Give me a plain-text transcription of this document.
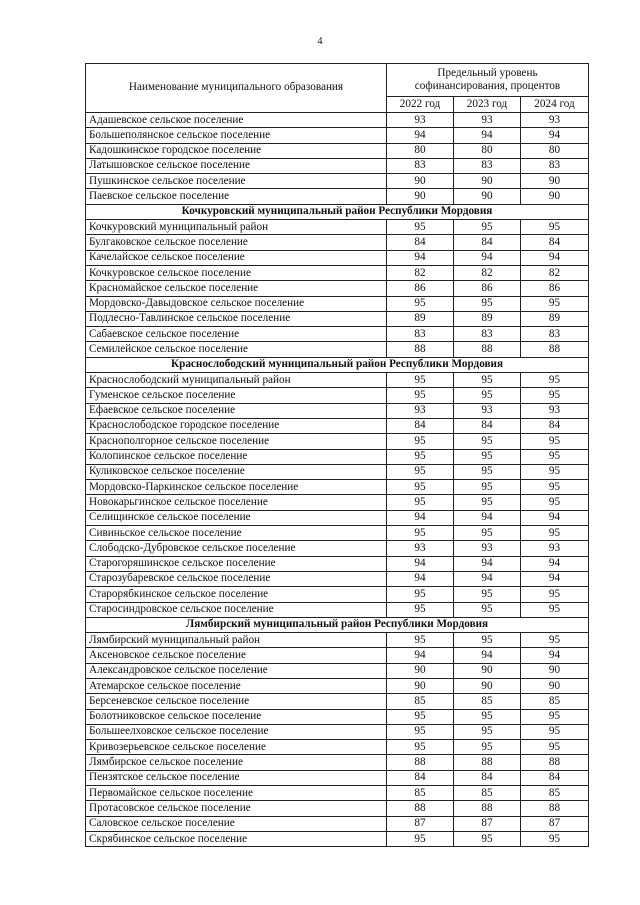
4
Наименование муниципального образования	Предельный уровень
софинансирования, процентов		
	2022 год	2023 год	2024 год
Адашевское сельское поселение	93	93	93
Большеполянское сельское поселение	94	94	94
Кадошкинское городское поселение	80	80	80
Латышовское сельское поселение	83	83	83
Пушкинское сельское поселение	90	90	90
Паевское сельское поселение	90	90	90
Кочкуровский муниципальный район Республики Мордовия			
Кочкуровский муниципальный район	95	95	95
Булгаковское сельское поселение	84	84	84
Качелайское сельское поселение	94	94	94
Кочкуровское сельское поселение	82	82	82
Красномайское сельское поселение	86	86	86
Мордовско-Давыдовское сельское поселение	95	95	95
Подлесно-Тавлинское сельское поселение	89	89	89
Сабаевское сельское поселение	83	83	83
Семилейское сельское поселение	88	88	88
Краснослободский муниципальный район Республики Мордовия			
Краснослободский муниципальный район	95	95	95
Гуменское сельское поселение	95	95	95
Ефаевское сельское поселение	93	93	93
Краснослободское городское поселение	84	84	84
Краснополгорное сельское поселение	95	95	95
Колопинское сельское поселение	95	95	95
Куликовское сельское поселение	95	95	95
Мордовско-Паркинское сельское поселение	95	95	95
Новокарьгинское сельское поселение	95	95	95
Селищинское сельское поселение	94	94	94
Сивиньское сельское поселение	95	95	95
Слободско-Дубровское сельское поселение	93	93	93
Старогоряшинское сельское поселение	94	94	94
Старозубаревское сельское поселение	94	94	94
Старорябкинское сельское поселение	95	95	95
Старосиндровское сельское поселение	95	95	95
Лямбирский муниципальный район Республики Мордовия			
Лямбирский муниципальный район	95	95	95
Аксеновское сельское поселение	94	94	94
Александровское сельское поселение	90	90	90
Атемарское сельское поселение	90	90	90
Берсеневское сельское поселение	85	85	85
Болотниковское сельское поселение	95	95	95
Большеелховское сельское поселение	95	95	95
Кривозерьевское сельское поселение	95	95	95
Лямбирское сельское поселение	88	88	88
Пензятское сельское поселение	84	84	84
Первомайское сельское поселение	85	85	85
Протасовское сельское поселение	88	88	88
Саловское сельское поселение	87	87	87
Скрябинское сельское поселение	95	95	95
